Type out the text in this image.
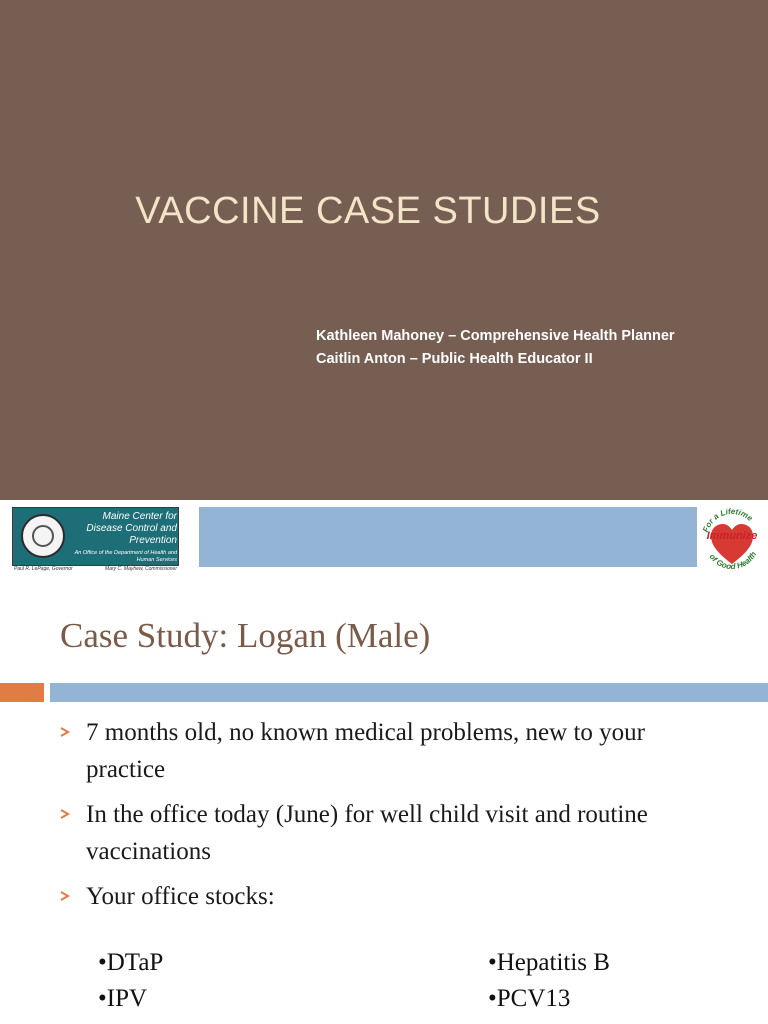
VACCINE CASE STUDIES
Kathleen Mahoney – Comprehensive Health Planner
Caitlin Anton – Public Health Educator II
Maine Center for Disease Control and Prevention
An Office of the Department of Health and Human Services
Paul R. LePage, Governor	Mary C. Mayhew, Commissioner
For a Lifetime
of Good Health
Immunize
Case Study: Logan (Male)
7 months old, no known medical problems, new to your practice
In the office today (June) for well child visit and routine vaccinations
Your office stocks:
•DTaP
•IPV
•Hepatitis B
•PCV13
